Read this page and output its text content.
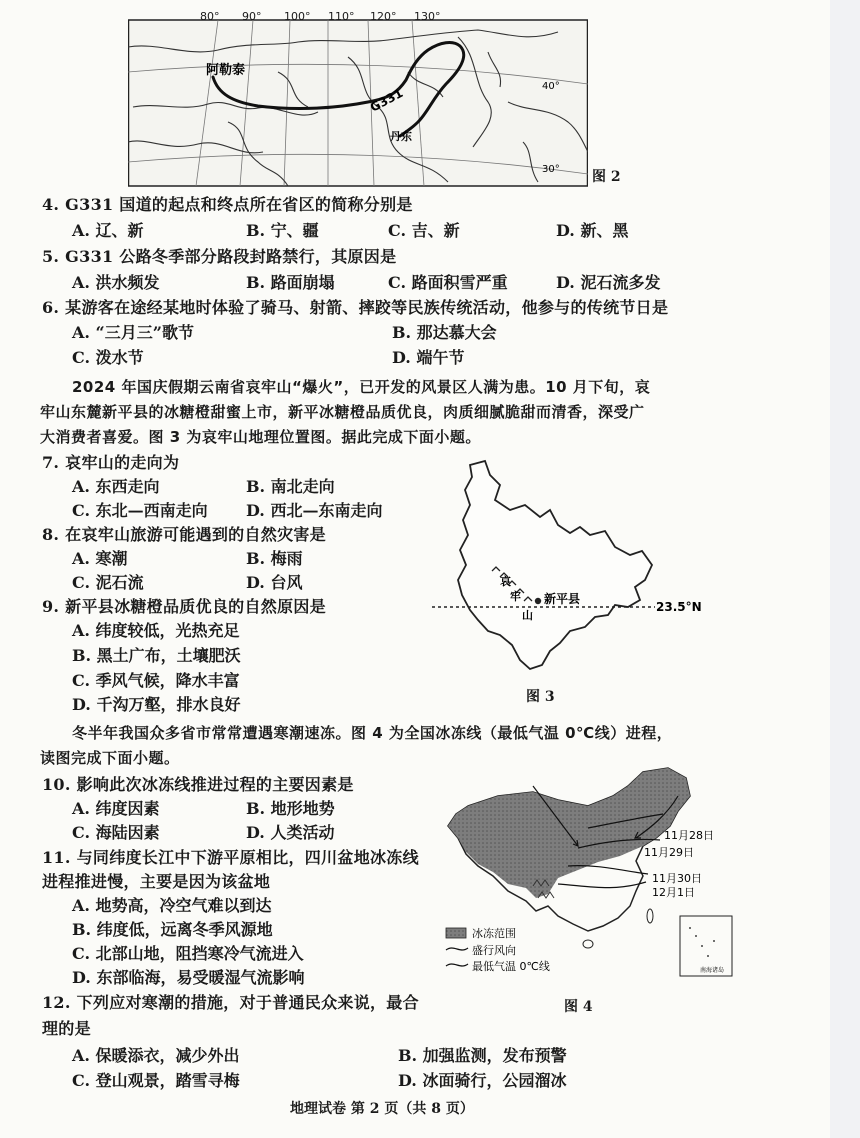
40°
30°
阿勒泰
G331
丹东
80° 90° 100° 110° 120° 130°
图 2
4. G331 国道的起点和终点所在省区的简称分别是
A. 辽、新	B. 宁、疆	C. 吉、新	D. 新、黑
5. G331 公路冬季部分路段封路禁行，其原因是
A. 洪水频发	B. 路面崩塌	C. 路面积雪严重	D. 泥石流多发
6. 某游客在途经某地时体验了骑马、射箭、摔跤等民族传统活动，他参与的传统节日是
A. “三月三”歌节	B. 那达慕大会
C. 泼水节	D. 端午节
2024 年国庆假期云南省哀牢山“爆火”，已开发的风景区人满为患。10 月下旬，哀
牢山东麓新平县的冰糖橙甜蜜上市，新平冰糖橙品质优良，肉质细腻脆甜而清香，深受广
大消费者喜爱。图 3 为哀牢山地理位置图。据此完成下面小题。
7. 哀牢山的走向为
A. 东西走向	B. 南北走向
C. 东北—西南走向 D. 西北—东南走向
8. 在哀牢山旅游可能遇到的自然灾害是
A. 寒潮	B. 梅雨
C. 泥石流	D. 台风
9. 新平县冰糖橙品质优良的自然原因是
A. 纬度较低，光热充足
B. 黑土广布，土壤肥沃
C. 季风气候，降水丰富
D. 千沟万壑，排水良好
哀
牢
山
新平县
23.5°N
图 3
冬半年我国众多省市常常遭遇寒潮速冻。图 4 为全国冰冻线（最低气温 0℃线）进程，
读图完成下面小题。
10. 影响此次冰冻线推进过程的主要因素是
A. 纬度因素	B. 地形地势
C. 海陆因素	D. 人类活动
11. 与同纬度长江中下游平原相比，四川盆地冰冻线
进程推进慢，主要是因为该盆地
A. 地势高，冷空气难以到达
B. 纬度低，远离冬季风源地
C. 北部山地，阻挡寒冷气流进入
D. 东部临海，易受暖湿气流影响	南海诸岛
11月28日
11月29日
11月30日
12月1日
冰冻范围
盛行风向
最低气温 0℃线
图 4
12. 下列应对寒潮的措施，对于普通民众来说，最合
理的是
A. 保暖添衣，减少外出	B. 加强监测，发布预警
C. 登山观景，踏雪寻梅	D. 冰面骑行，公园溜冰
地理试卷 第 2 页（共 8 页）
